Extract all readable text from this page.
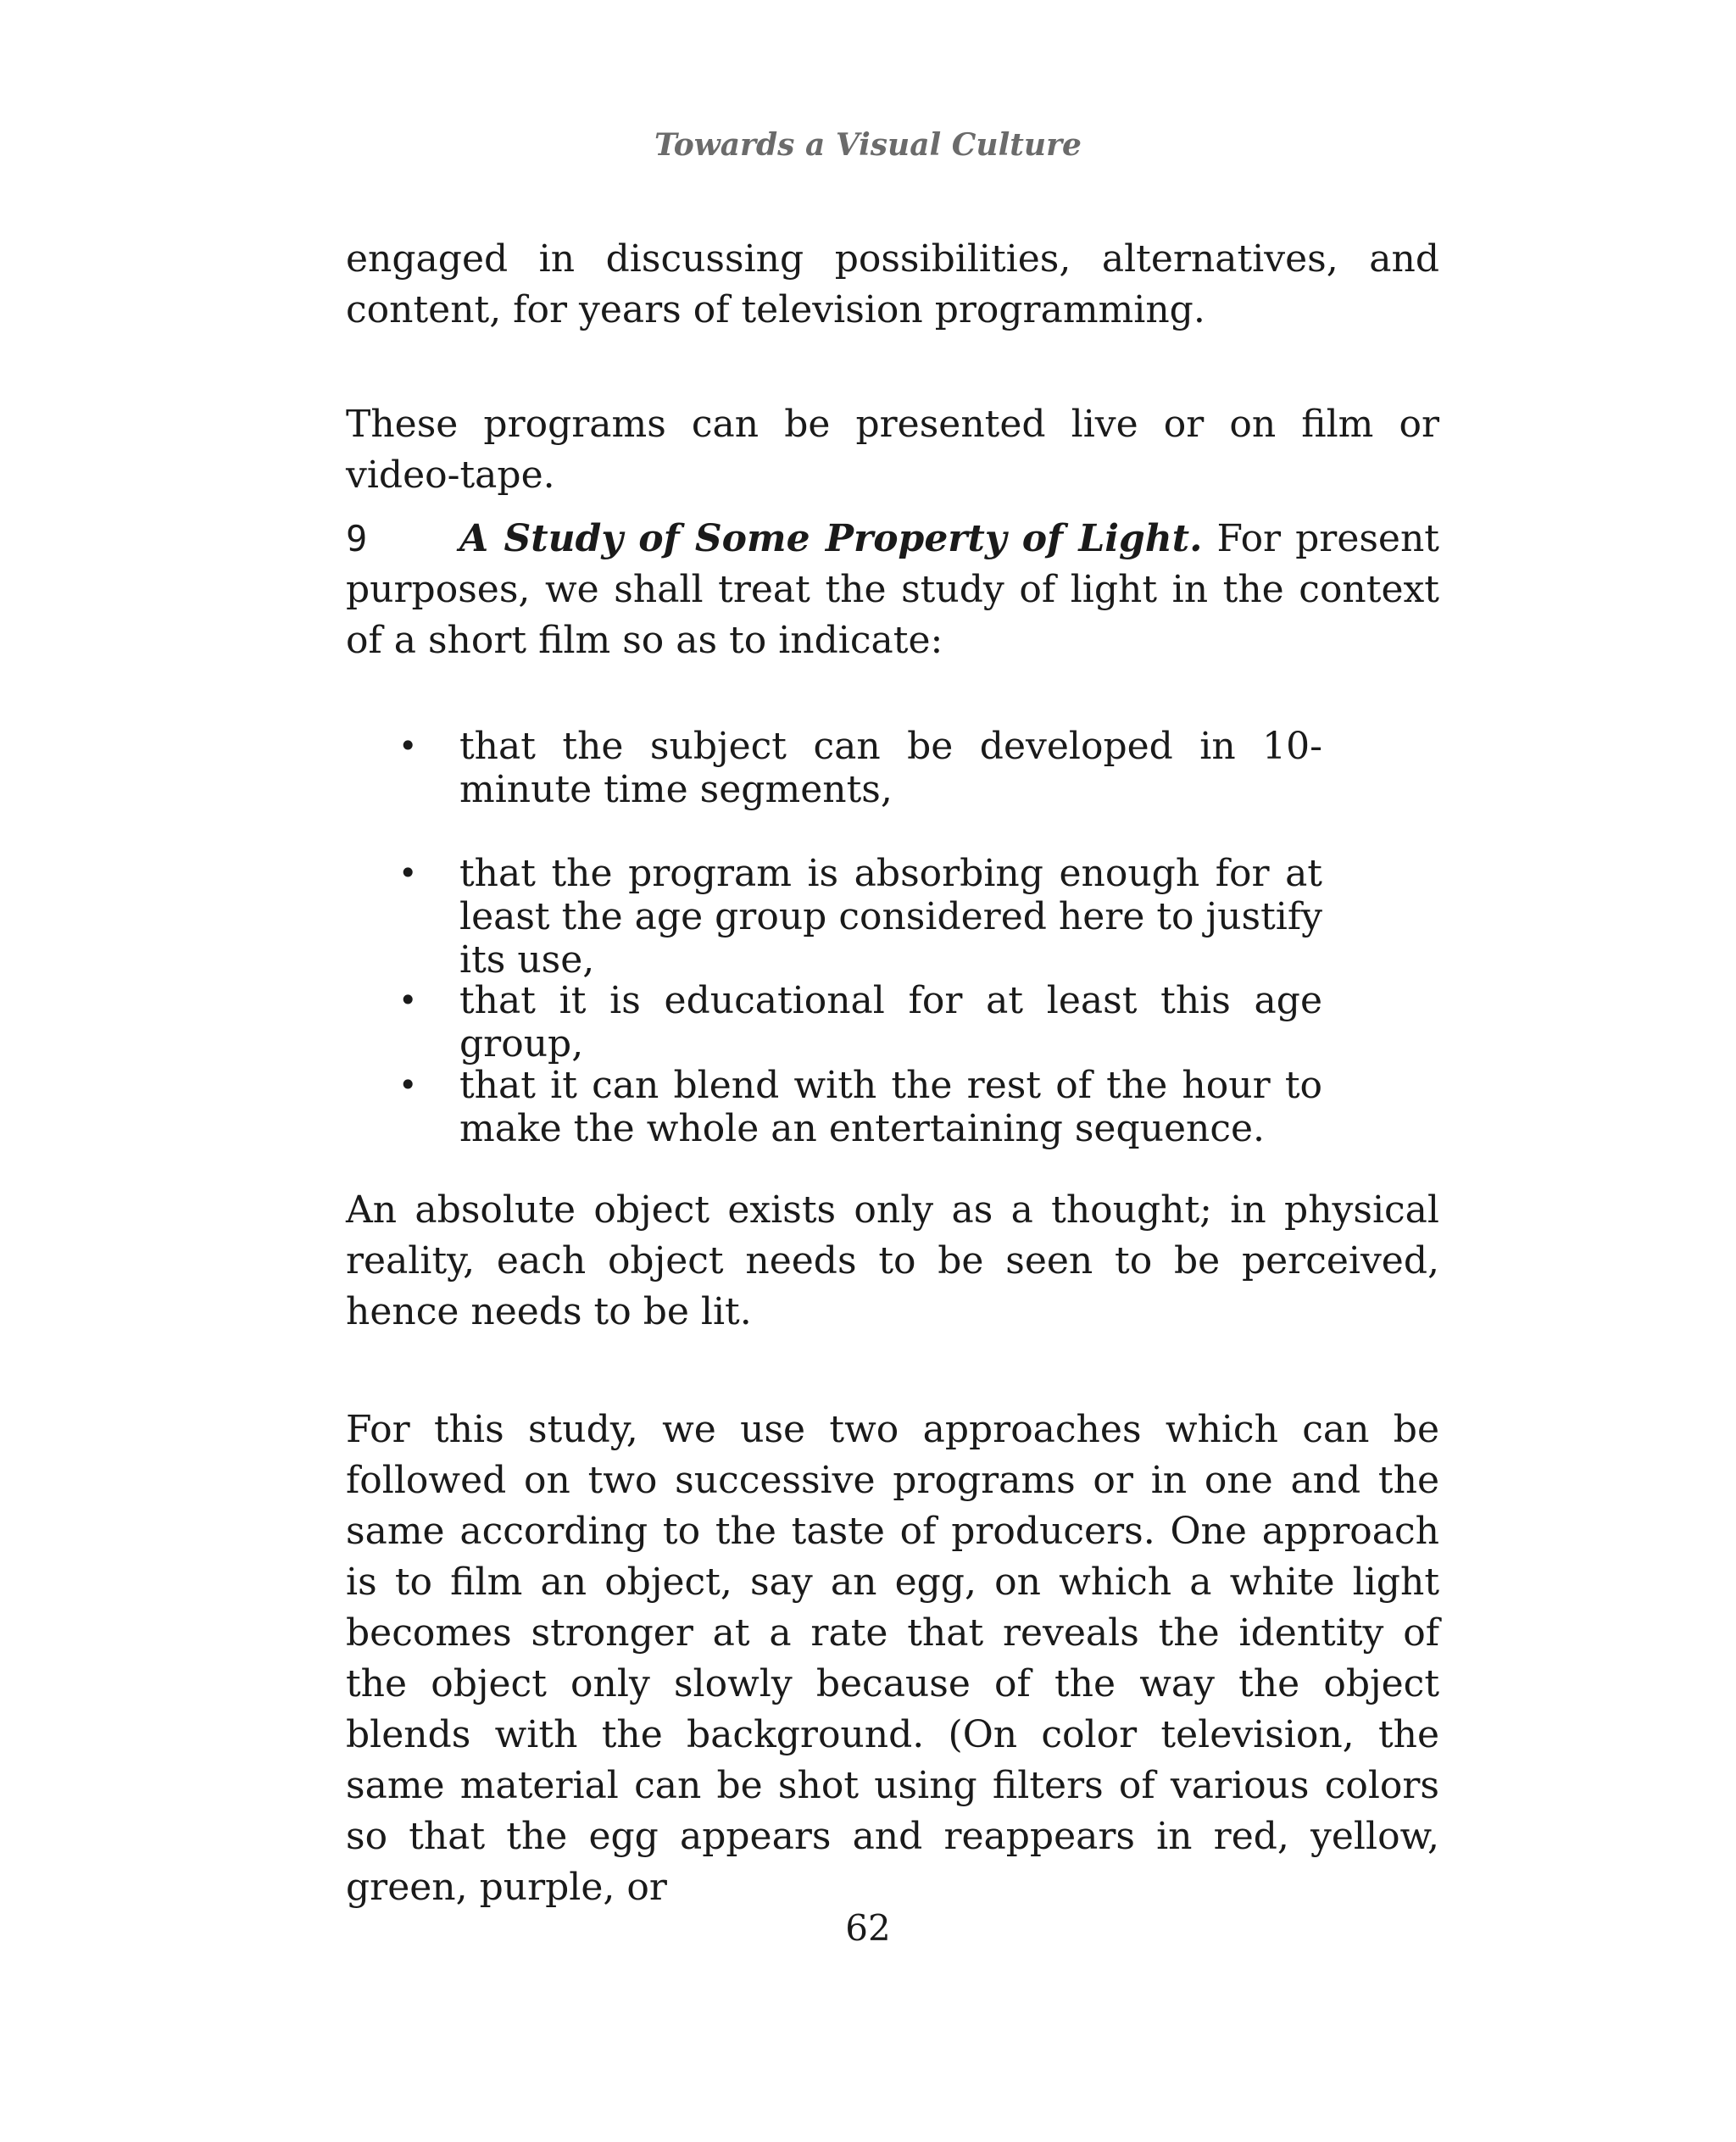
Towards a Visual Culture

engaged in discussing possibilities, alternatives, and content, for years of television programming.

These programs can be presented live or on film or video-tape.

9 A Study of Some Property of Light. For present purposes, we shall treat the study of light in the context of a short film so as to indicate:

• that the subject can be developed in 10-minute time segments,
• that the program is absorbing enough for at least the age group considered here to justify its use,
• that it is educational for at least this age group,
• that it can blend with the rest of the hour to make the whole an entertaining sequence.

An absolute object exists only as a thought; in physical reality, each object needs to be seen to be perceived, hence needs to be lit.

For this study, we use two approaches which can be followed on two successive programs or in one and the same according to the taste of producers. One approach is to film an object, say an egg, on which a white light becomes stronger at a rate that reveals the identity of the object only slowly because of the way the object blends with the background. (On color television, the same material can be shot using filters of various colors so that the egg appears and reappears in red, yellow, green, purple, or

62
